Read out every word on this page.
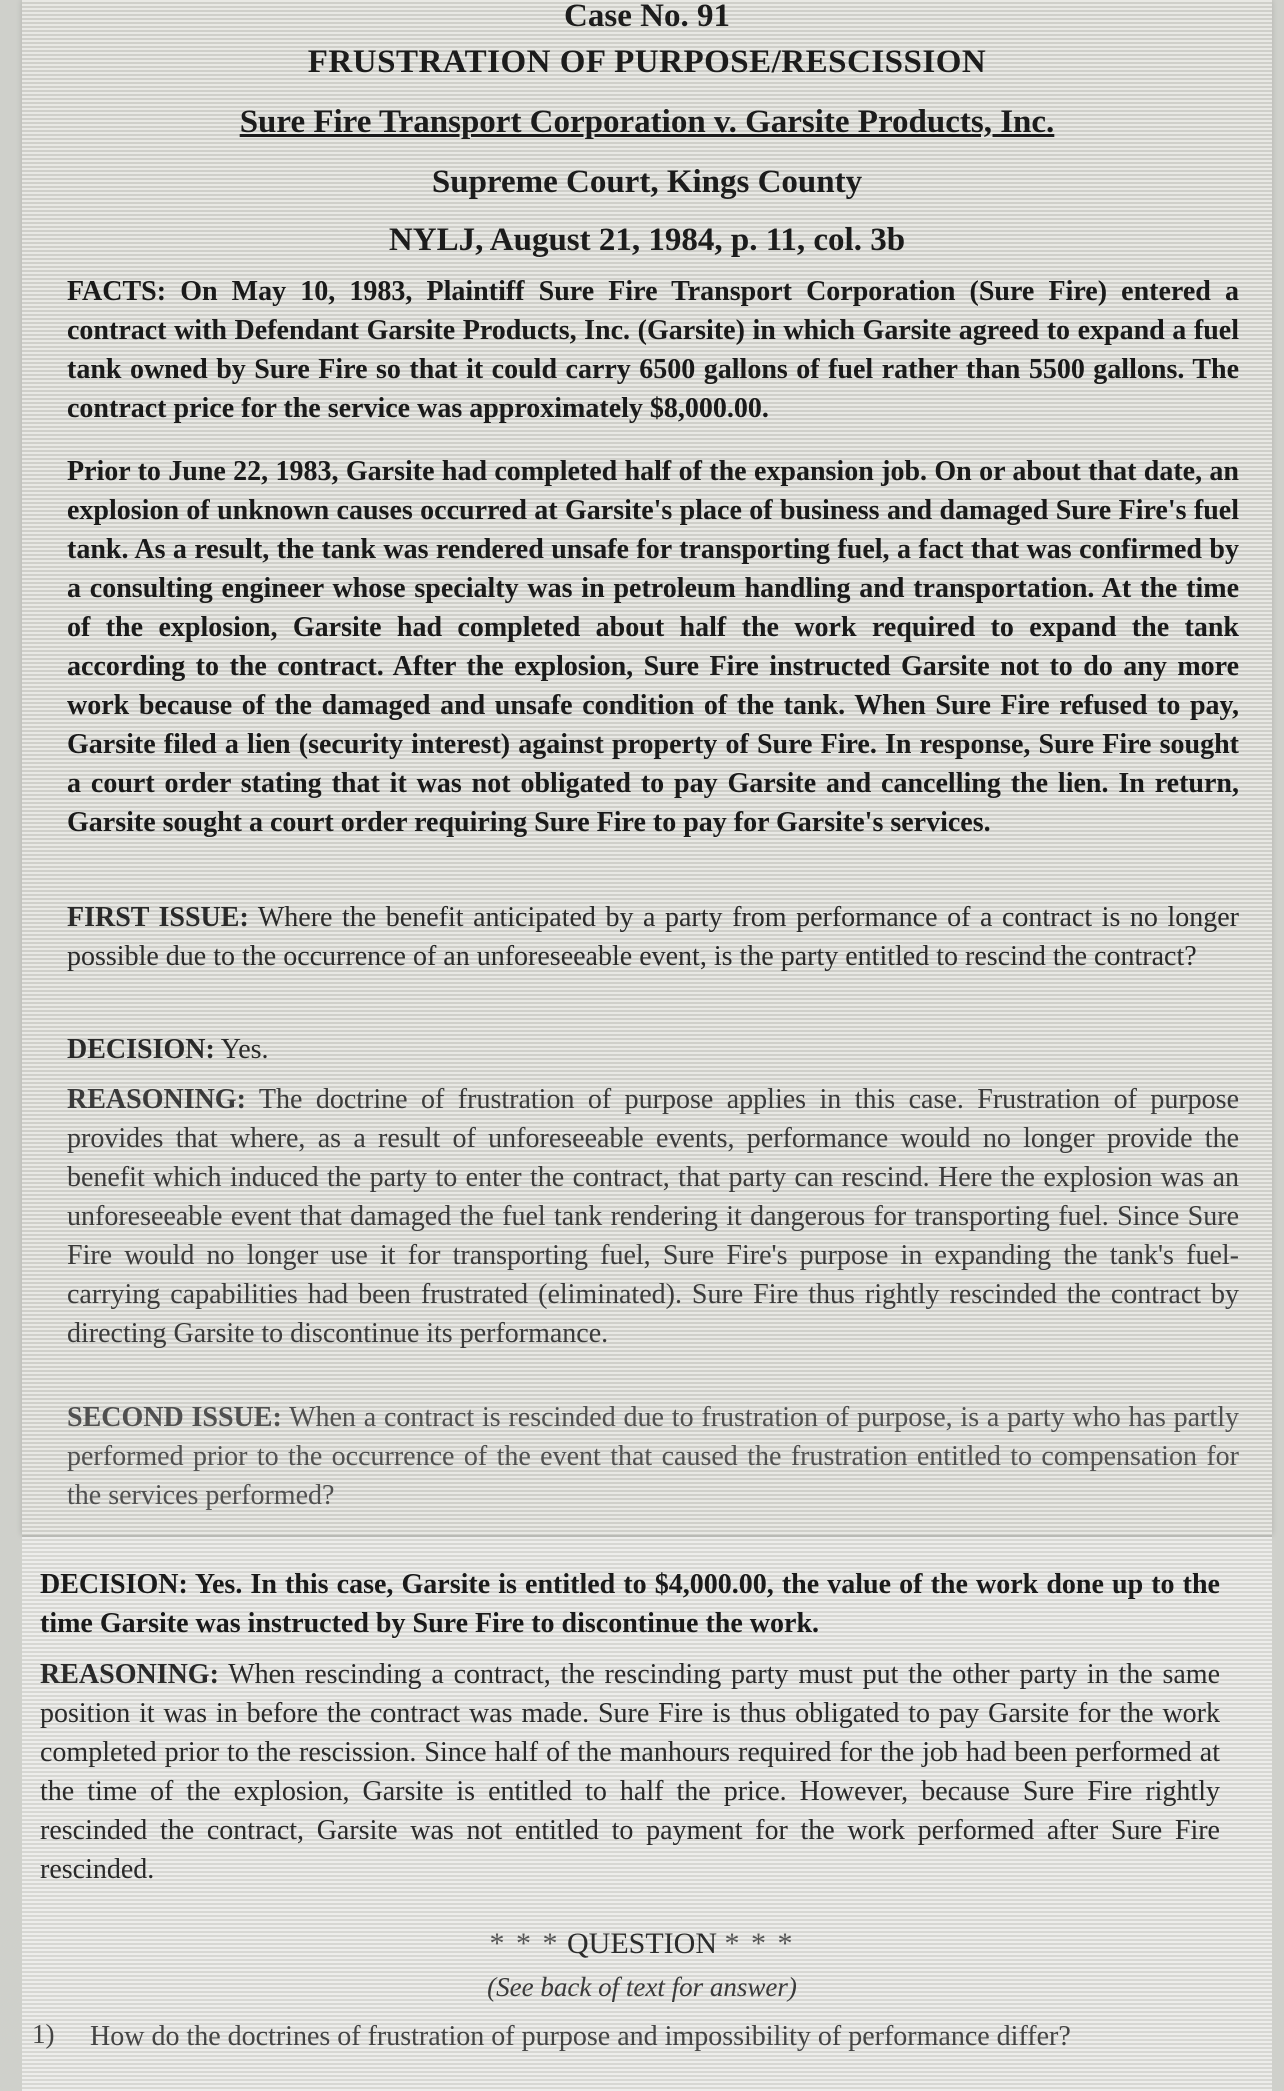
Case No. 91
FRUSTRATION OF PURPOSE/RESCISSION
Sure Fire Transport Corporation v. Garsite Products, Inc.
Supreme Court, Kings County
NYLJ, August 21, 1984, p. 11, col. 3b
FACTS: On May 10, 1983, Plaintiff Sure Fire Transport Corporation (Sure Fire) entered a contract with Defendant Garsite Products, Inc. (Garsite) in which Garsite agreed to expand a fuel tank owned by Sure Fire so that it could carry 6500 gallons of fuel rather than 5500 gallons. The contract price for the service was approximately $8,000.00.
Prior to June 22, 1983, Garsite had completed half of the expansion job. On or about that date, an explosion of unknown causes occurred at Garsite's place of business and damaged Sure Fire's fuel tank. As a result, the tank was rendered unsafe for transporting fuel, a fact that was confirmed by a consulting engineer whose specialty was in petroleum handling and transportation. At the time of the explosion, Garsite had completed about half the work required to expand the tank according to the contract. After the explosion, Sure Fire instructed Garsite not to do any more work because of the damaged and unsafe condition of the tank. When Sure Fire refused to pay, Garsite filed a lien (security interest) against property of Sure Fire. In response, Sure Fire sought a court order stating that it was not obligated to pay Garsite and cancelling the lien. In return, Garsite sought a court order requiring Sure Fire to pay for Garsite's services.
FIRST ISSUE: Where the benefit anticipated by a party from performance of a contract is no longer possible due to the occurrence of an unforeseeable event, is the party entitled to rescind the contract?
DECISION: Yes.
REASONING: The doctrine of frustration of purpose applies in this case. Frustration of purpose provides that where, as a result of unforeseeable events, performance would no longer provide the benefit which induced the party to enter the contract, that party can rescind. Here the explosion was an unforeseeable event that damaged the fuel tank rendering it dangerous for transporting fuel. Since Sure Fire would no longer use it for transporting fuel, Sure Fire's purpose in expanding the tank's fuel-carrying capabilities had been frustrated (eliminated). Sure Fire thus rightly rescinded the contract by directing Garsite to discontinue its performance.
SECOND ISSUE: When a contract is rescinded due to frustration of purpose, is a party who has partly performed prior to the occurrence of the event that caused the frustration entitled to compensation for the services performed?
DECISION: Yes. In this case, Garsite is entitled to $4,000.00, the value of the work done up to the time Garsite was instructed by Sure Fire to discontinue the work.
REASONING: When rescinding a contract, the rescinding party must put the other party in the same position it was in before the contract was made. Sure Fire is thus obligated to pay Garsite for the work completed prior to the rescission. Since half of the manhours required for the job had been performed at the time of the explosion, Garsite is entitled to half the price. However, because Sure Fire rightly rescinded the contract, Garsite was not entitled to payment for the work performed after Sure Fire rescinded.
* * * QUESTION * * *
(See back of text for answer)
1) How do the doctrines of frustration of purpose and impossibility of performance differ?
